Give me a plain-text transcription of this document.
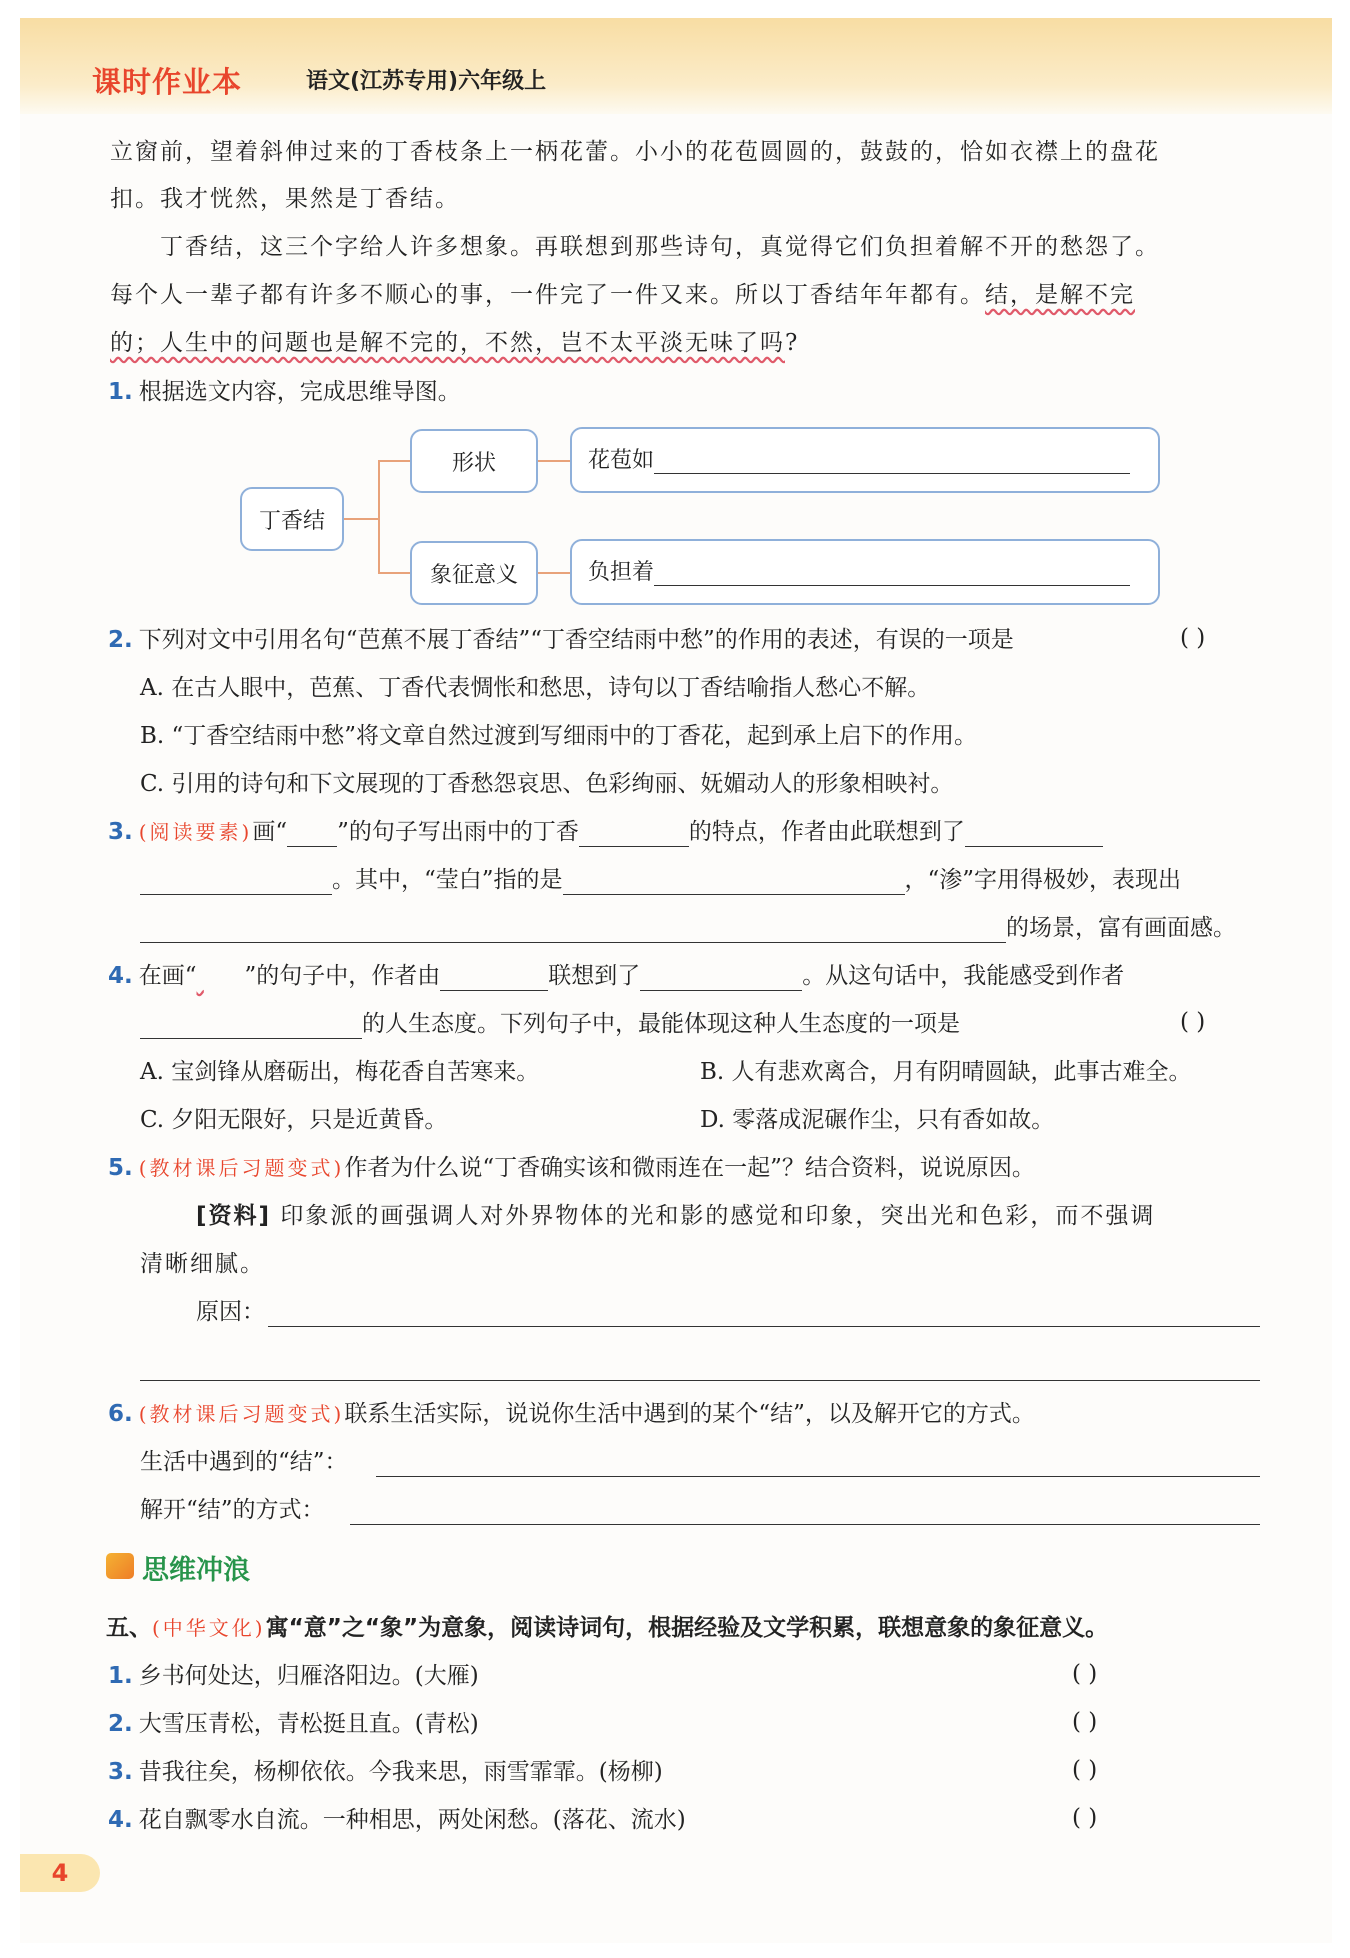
课时作业本	语文(江苏专用)六年级上
立窗前，望着斜伸过来的丁香枝条上一柄花蕾。小小的花苞圆圆的，鼓鼓的，恰如衣襟上的盘花
扣。我才恍然，果然是丁香结。
丁香结，这三个字给人许多想象。再联想到那些诗句，真觉得它们负担着解不开的愁怨了。
每个人一辈子都有许多不顺心的事，一件完了一件又来。所以丁香结年年都有。结，是解不完
的；人生中的问题也是解不完的，不然，岂不太平淡无味了吗?
1. 根据选文内容，完成思维导图。
丁香结
形状
象征意义
花苞如
负担着
2. 下列对文中引用名句“芭蕉不展丁香结”“丁香空结雨中愁”的作用的表述，有误的一项是	( )
A. 在古人眼中，芭蕉、丁香代表惆怅和愁思，诗句以丁香结喻指人愁心不解。
B. “丁香空结雨中愁”将文章自然过渡到写细雨中的丁香花，起到承上启下的作用。
C. 引用的诗句和下文展现的丁香愁怨哀思、色彩绚丽、妩媚动人的形象相映衬。
3. (阅读要素)画“ ”的句子写出雨中的丁香	的特点，作者由此联想到了
。其中，“莹白”指的是	，“渗”字用得极妙，表现出
的场景，富有画面感。
4. 在画“ ”的句子中，作者由	联想到了	。从这句话中，我能感受到作者
的人生态度。下列句子中，最能体现这种人生态度的一项是	( )
A. 宝剑锋从磨砺出，梅花香自苦寒来。	B. 人有悲欢离合，月有阴晴圆缺，此事古难全。
C. 夕阳无限好，只是近黄昏。	D. 零落成泥碾作尘，只有香如故。
5. (教材课后习题变式)作者为什么说“丁香确实该和微雨连在一起”？结合资料，说说原因。
[资料] 印象派的画强调人对外界物体的光和影的感觉和印象，突出光和色彩，而不强调
清晰细腻。
原因：
6. (教材课后习题变式)联系生活实际，说说你生活中遇到的某个“结”，以及解开它的方式。
生活中遇到的“结”：
解开“结”的方式：
思维冲浪
五、(中华文化)寓“意”之“象”为意象，阅读诗词句，根据经验及文学积累，联想意象的象征意义。
1. 乡书何处达，归雁洛阳边。(大雁)	( )
2. 大雪压青松，青松挺且直。(青松)	( )
3. 昔我往矣，杨柳依依。今我来思，雨雪霏霏。(杨柳)	( )
4. 花自飘零水自流。一种相思，两处闲愁。(落花、流水)	( )
4
